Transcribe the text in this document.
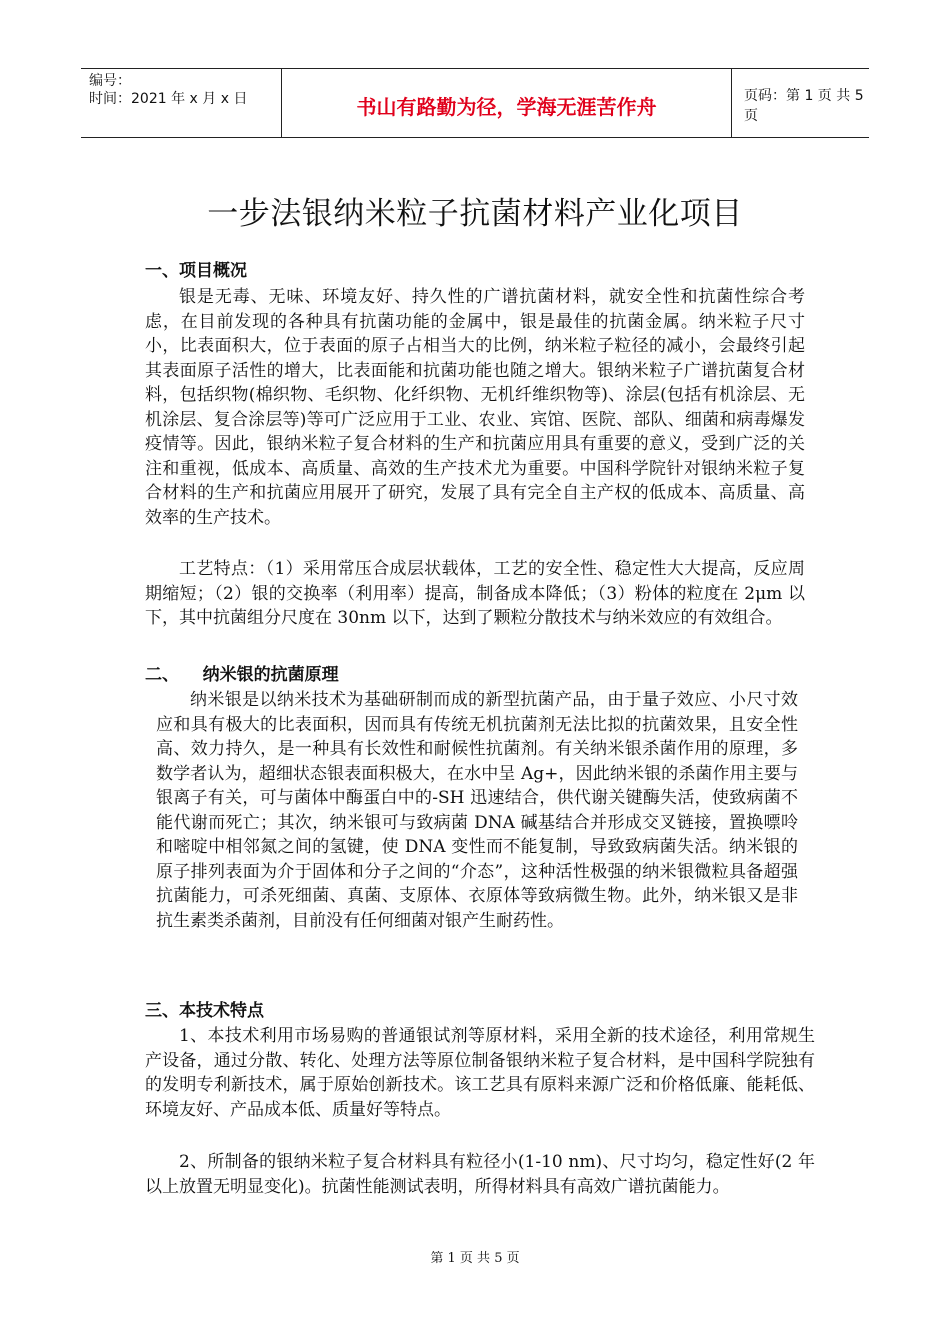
编号：
时间：2021 年 x 月 x 日	书山有路勤为径，学海无涯苦作舟	页码：第 1 页 共 5 页
一步法银纳米粒子抗菌材料产业化项目
一、项目概况
银是无毒、无味、环境友好、持久性的广谱抗菌材料，就安全性和抗菌性综合考虑，在目前发现的各种具有抗菌功能的金属中，银是最佳的抗菌金属。纳米粒子尺寸小，比表面积大，位于表面的原子占相当大的比例，纳米粒子粒径的减小，会最终引起其表面原子活性的增大，比表面能和抗菌功能也随之增大。银纳米粒子广谱抗菌复合材料，包括织物(棉织物、毛织物、化纤织物、无机纤维织物等)、涂层(包括有机涂层、无机涂层、复合涂层等)等可广泛应用于工业、农业、宾馆、医院、部队、细菌和病毒爆发疫情等。因此，银纳米粒子复合材料的生产和抗菌应用具有重要的意义，受到广泛的关注和重视，低成本、高质量、高效的生产技术尤为重要。中国科学院针对银纳米粒子复合材料的生产和抗菌应用展开了研究，发展了具有完全自主产权的低成本、高质量、高效率的生产技术。
工艺特点：（1）采用常压合成层状载体，工艺的安全性、稳定性大大提高，反应周期缩短；（2）银的交换率（利用率）提高，制备成本降低；（3）粉体的粒度在 2μm 以下，其中抗菌组分尺度在 30nm 以下，达到了颗粒分散技术与纳米效应的有效组合。
二、    纳米银的抗菌原理
纳米银是以纳米技术为基础研制而成的新型抗菌产品，由于量子效应、小尺寸效应和具有极大的比表面积，因而具有传统无机抗菌剂无法比拟的抗菌效果，且安全性高、效力持久，是一种具有长效性和耐候性抗菌剂。有关纳米银杀菌作用的原理，多数学者认为，超细状态银表面积极大，在水中呈 Ag+，因此纳米银的杀菌作用主要与银离子有关，可与菌体中酶蛋白中的-SH 迅速结合，供代谢关键酶失活，使致病菌不能代谢而死亡；其次，纳米银可与致病菌 DNA 碱基结合并形成交叉链接，置换嘌呤和嘧啶中相邻氮之间的氢键，使 DNA 变性而不能复制，导致致病菌失活。纳米银的原子排列表面为介于固体和分子之间的“介态”，这种活性极强的纳米银微粒具备超强抗菌能力，可杀死细菌、真菌、支原体、衣原体等致病微生物。此外，纳米银又是非抗生素类杀菌剂，目前没有任何细菌对银产生耐药性。
三、本技术特点
1、本技术利用市场易购的普通银试剂等原材料，采用全新的技术途径，利用常规生产设备，通过分散、转化、处理方法等原位制备银纳米粒子复合材料，是中国科学院独有的发明专利新技术，属于原始创新技术。该工艺具有原料来源广泛和价格低廉、能耗低、环境友好、产品成本低、质量好等特点。
2、所制备的银纳米粒子复合材料具有粒径小(1-10 nm)、尺寸均匀，稳定性好(2 年以上放置无明显变化)。抗菌性能测试表明，所得材料具有高效广谱抗菌能力。
第 1 页 共 5 页
